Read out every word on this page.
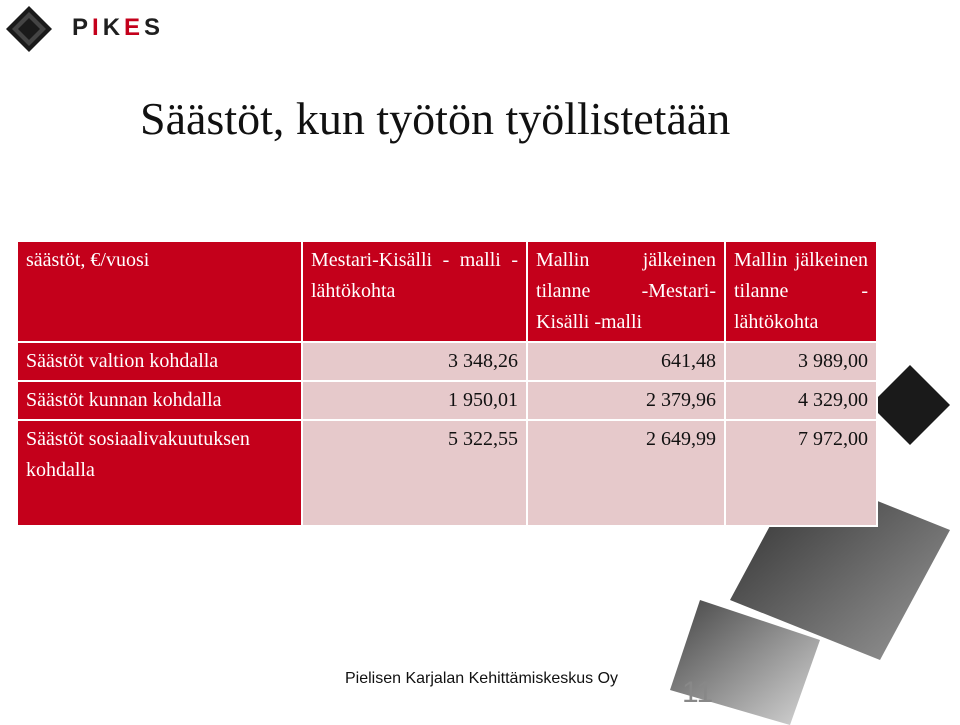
PIKES
Säästöt, kun työtön työllistetään
säästöt, €/vuosi	Mestari-Kisälli - malli - lähtökohta	Mallin jälkeinen tilanne -Mestari-Kisälli -malli	Mallin jälkeinen tilanne - lähtökohta
Säästöt valtion kohdalla	3 348,26	641,48	3 989,00
Säästöt kunnan kohdalla	1 950,01	2 379,96	4 329,00
Säästöt sosiaalivakuutuksen kohdalla	5 322,55	2 649,99	7 972,00
Pielisen Karjalan Kehittämiskeskus Oy 11
